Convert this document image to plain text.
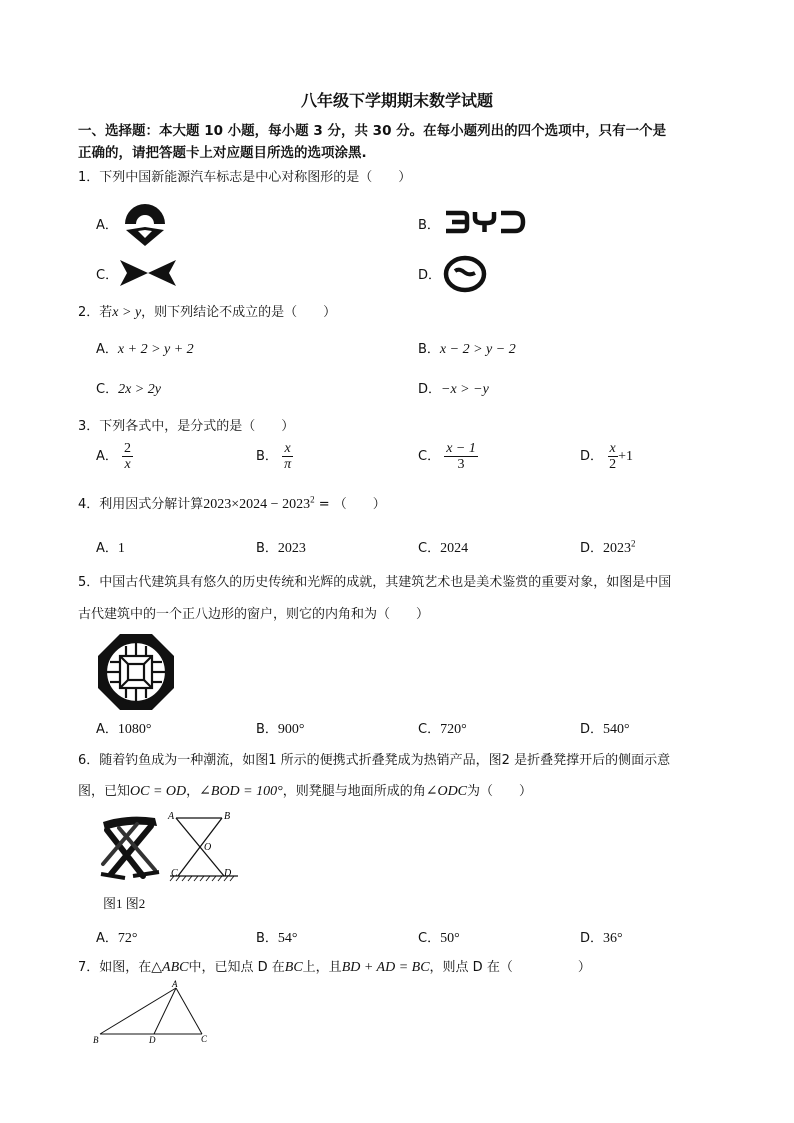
八年级下学期期末数学试题
一、选择题：本大题 10 小题，每小题 3 分，共 30 分。在每小题列出的四个选项中，只有一个是
正确的，请把答题卡上对应题目所选的选项涂黑.
1．下列中国新能源汽车标志是中心对称图形的是（　　）
A．	B．
C．	D．
2．若x > y，则下列结论不成立的是（　　）
A．x + 2 > y + 2	B．x − 2 > y − 2
C．2x > 2y	D．−x > −y
3．下列各式中，是分式的是（　　）
A． $\frac{2}{x}$	B． $\frac{x}{\pi}$	C． $\frac{x - 1}{3}$	D． $\frac{x}{2} +1$
4．利用因式分解计算$2023\times 2024 - 2023^2$ = （　　）
A．1	B．2023	C．2024	D．2023$^2$
5．中国古代建筑具有悠久的历史传统和光辉的成就，其建筑艺术也是美术鉴赏的重要对象，如图是中国
古代建筑中的一个正八边形的窗户，则它的内角和为（　　）
A．1080°	B．900°	C．720°	D．540°
6．随着钓鱼成为一种潮流，如图1 所示的便携式折叠凳成为热销产品，图2 是折叠凳撑开后的侧面示意
图，已知OC = OD，∠BOD = 100°，则凳腿与地面所成的角∠ODC为（　　）
A	B
O
C	D
图1 图2
A．72°	B．54°	C．50°	D．36°
7．如图，在△ABC中，已知点 D 在BC上，且BD + AD = BC，则点 D 在（　　　　　）
A
B	D	C
